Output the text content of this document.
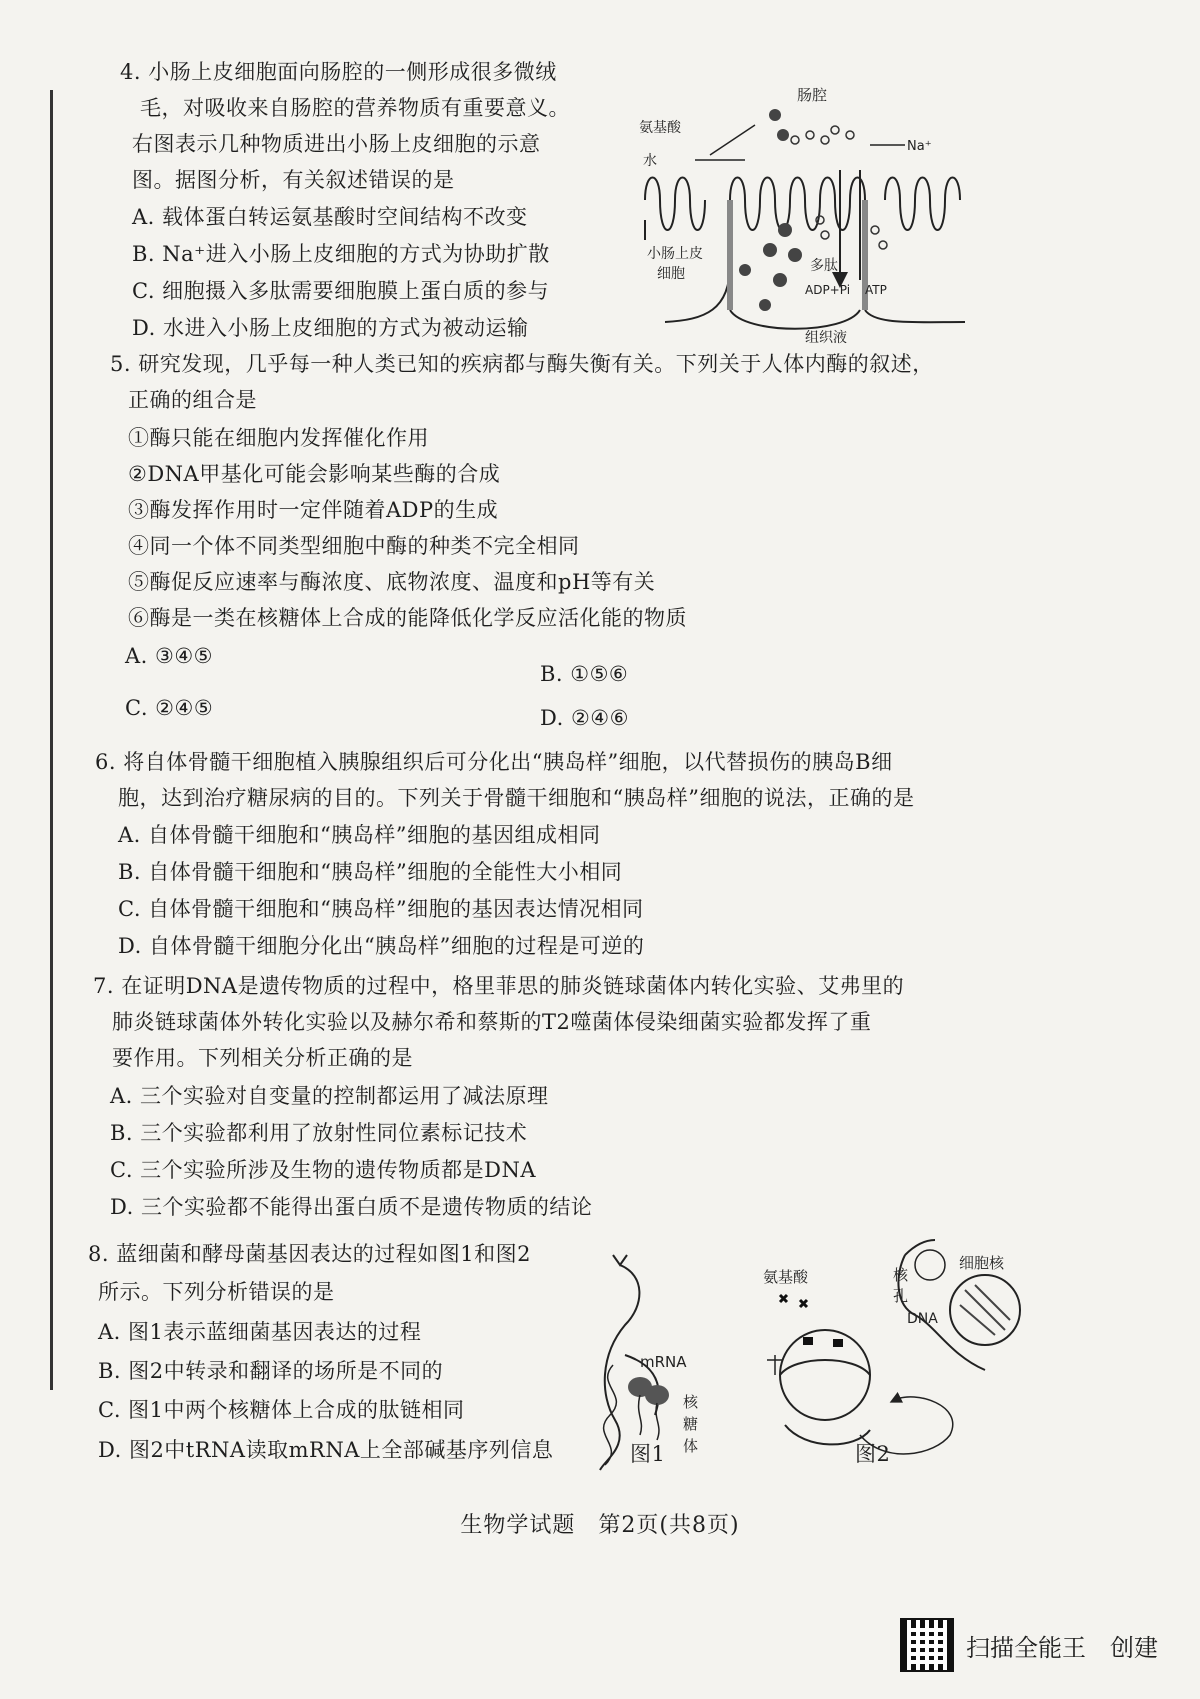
4. 小肠上皮细胞面向肠腔的一侧形成很多微绒
毛，对吸收来自肠腔的营养物质有重要意义。
右图表示几种物质进出小肠上皮细胞的示意
图。据图分析，有关叙述错误的是
A. 载体蛋白转运氨基酸时空间结构不改变
B. Na⁺进入小肠上皮细胞的方式为协助扩散
C. 细胞摄入多肽需要细胞膜上蛋白质的参与
D. 水进入小肠上皮细胞的方式为被动运输
肠腔
氨基酸
水
Na⁺
小肠上皮
细胞	多肽
ADP+Pi ATP
组织液
5. 研究发现，几乎每一种人类已知的疾病都与酶失衡有关。下列关于人体内酶的叙述，
正确的组合是
①酶只能在细胞内发挥催化作用
②DNA甲基化可能会影响某些酶的合成
③酶发挥作用时一定伴随着ADP的生成
④同一个体不同类型细胞中酶的种类不完全相同
⑤酶促反应速率与酶浓度、底物浓度、温度和pH等有关
⑥酶是一类在核糖体上合成的能降低化学反应活化能的物质
A. ③④⑤
B. ①⑤⑥
C. ②④⑤	D. ②④⑥
6. 将自体骨髓干细胞植入胰腺组织后可分化出“胰岛样”细胞，以代替损伤的胰岛B细
胞，达到治疗糖尿病的目的。下列关于骨髓干细胞和“胰岛样”细胞的说法，正确的是
A. 自体骨髓干细胞和“胰岛样”细胞的基因组成相同
B. 自体骨髓干细胞和“胰岛样”细胞的全能性大小相同
C. 自体骨髓干细胞和“胰岛样”细胞的基因表达情况相同
D. 自体骨髓干细胞分化出“胰岛样”细胞的过程是可逆的
7. 在证明DNA是遗传物质的过程中，格里菲思的肺炎链球菌体内转化实验、艾弗里的
肺炎链球菌体外转化实验以及赫尔希和蔡斯的T2噬菌体侵染细菌实验都发挥了重
要作用。下列相关分析正确的是
A. 三个实验对自变量的控制都运用了减法原理
B. 三个实验都利用了放射性同位素标记技术
C. 三个实验所涉及生物的遗传物质都是DNA
D. 三个实验都不能得出蛋白质不是遗传物质的结论
8. 蓝细菌和酵母菌基因表达的过程如图1和图2
所示。下列分析错误的是
A. 图1表示蓝细菌基因表达的过程
B. 图2中转录和翻译的场所是不同的
C. 图1中两个核糖体上合成的肽链相同
D. 图2中tRNA读取mRNA上全部碱基序列信息
mRNA
核
糖
体
图1
氨基酸	核
孔
细胞核
DNA
图2
生物学试题　第2页(共8页)
扫描全能王　创建
